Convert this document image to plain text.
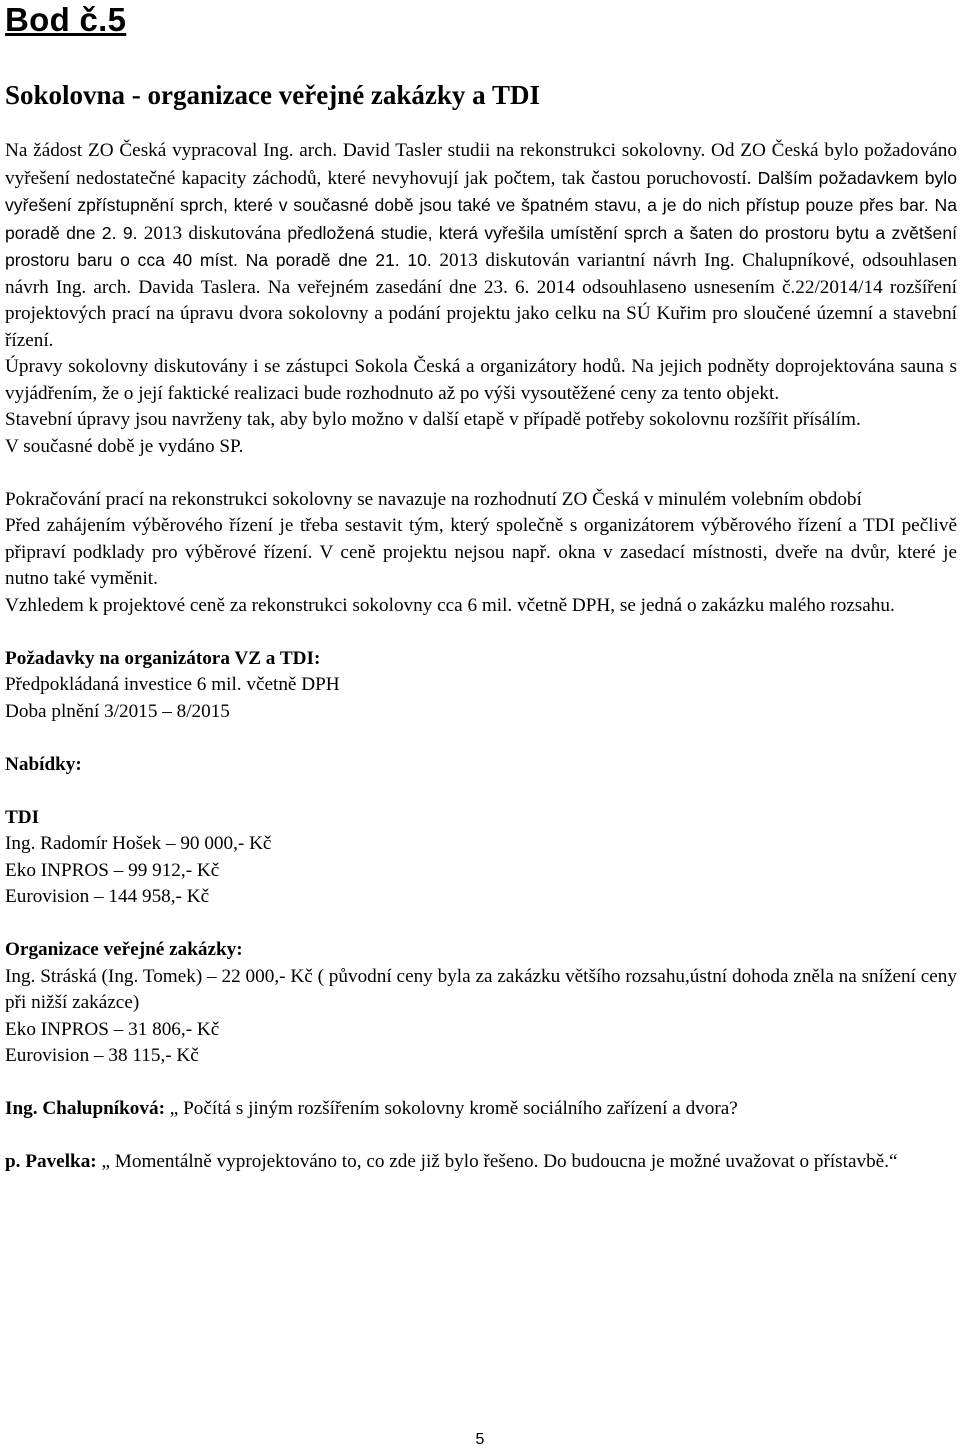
Bod č.5
Sokolovna - organizace veřejné zakázky a TDI

Na žádost ZO Česká vypracoval Ing. arch. David Tasler studii na rekonstrukci sokolovny. Od ZO Česká bylo požadováno vyřešení nedostatečné kapacity záchodů, které nevyhovují jak počtem, tak častou poruchovostí. Dalším požadavkem bylo vyřešení zpřístupnění sprch, které v současné době jsou také ve špatném stavu, a je do nich přístup pouze přes bar. Na poradě dne 2. 9. 2013 diskutována předložená studie, která vyřešila umístění sprch a šaten do prostoru bytu a zvětšení prostoru baru o cca 40 míst. Na poradě dne 21. 10. 2013 diskutován variantní návrh Ing. Chalupníkové, odsouhlasen návrh Ing. arch. Davida Taslera. Na veřejném zasedání dne 23. 6. 2014 odsouhlaseno usnesením č.22/2014/14 rozšíření projektových prací na úpravu dvora sokolovny a podání projektu jako celku na SÚ Kuřim pro sloučené územní a stavební řízení.

Úpravy sokolovny diskutovány i se zástupci Sokola Česká a organizátory hodů. Na jejich podněty doprojektována sauna s vyjádřením, že o její faktické realizaci bude rozhodnuto až po výši vysoutěžené ceny za tento objekt.

Stavební úpravy jsou navrženy tak, aby bylo možno v další etapě v případě potřeby sokolovnu rozšířit přísálím.

V současné době je vydáno SP.

Pokračování prací na rekonstrukci sokolovny se navazuje na rozhodnutí ZO Česká v minulém volebním období

Před zahájením výběrového řízení je třeba sestavit tým, který společně s organizátorem výběrového řízení a TDI pečlivě připraví podklady pro výběrové řízení. V ceně projektu nejsou např. okna v zasedací místnosti, dveře na dvůr, které je nutno také vyměnit.

Vzhledem k projektové ceně za rekonstrukci sokolovny cca 6 mil. včetně DPH, se jedná o zakázku malého rozsahu.

Požadavky na organizátora VZ a TDI:

Předpokládaná investice 6 mil. včetně DPH

Doba plnění 3/2015 – 8/2015

Nabídky:

TDI

Ing. Radomír Hošek – 90 000,- Kč

Eko INPROS – 99 912,- Kč

Eurovision – 144 958,- Kč

Organizace veřejné zakázky:

Ing. Stráská (Ing. Tomek) – 22 000,- Kč ( původní ceny byla za zakázku většího rozsahu,ústní dohoda zněla na snížení ceny při nižší zakázce)

Eko INPROS – 31 806,- Kč

Eurovision – 38 115,- Kč

Ing. Chalupníková: „ Počítá s jiným rozšířením sokolovny kromě sociálního zařízení a dvora?

p. Pavelka: „ Momentálně vyprojektováno to, co zde již bylo řešeno. Do budoucna je možné uvažovat o přístavbě.“

5
